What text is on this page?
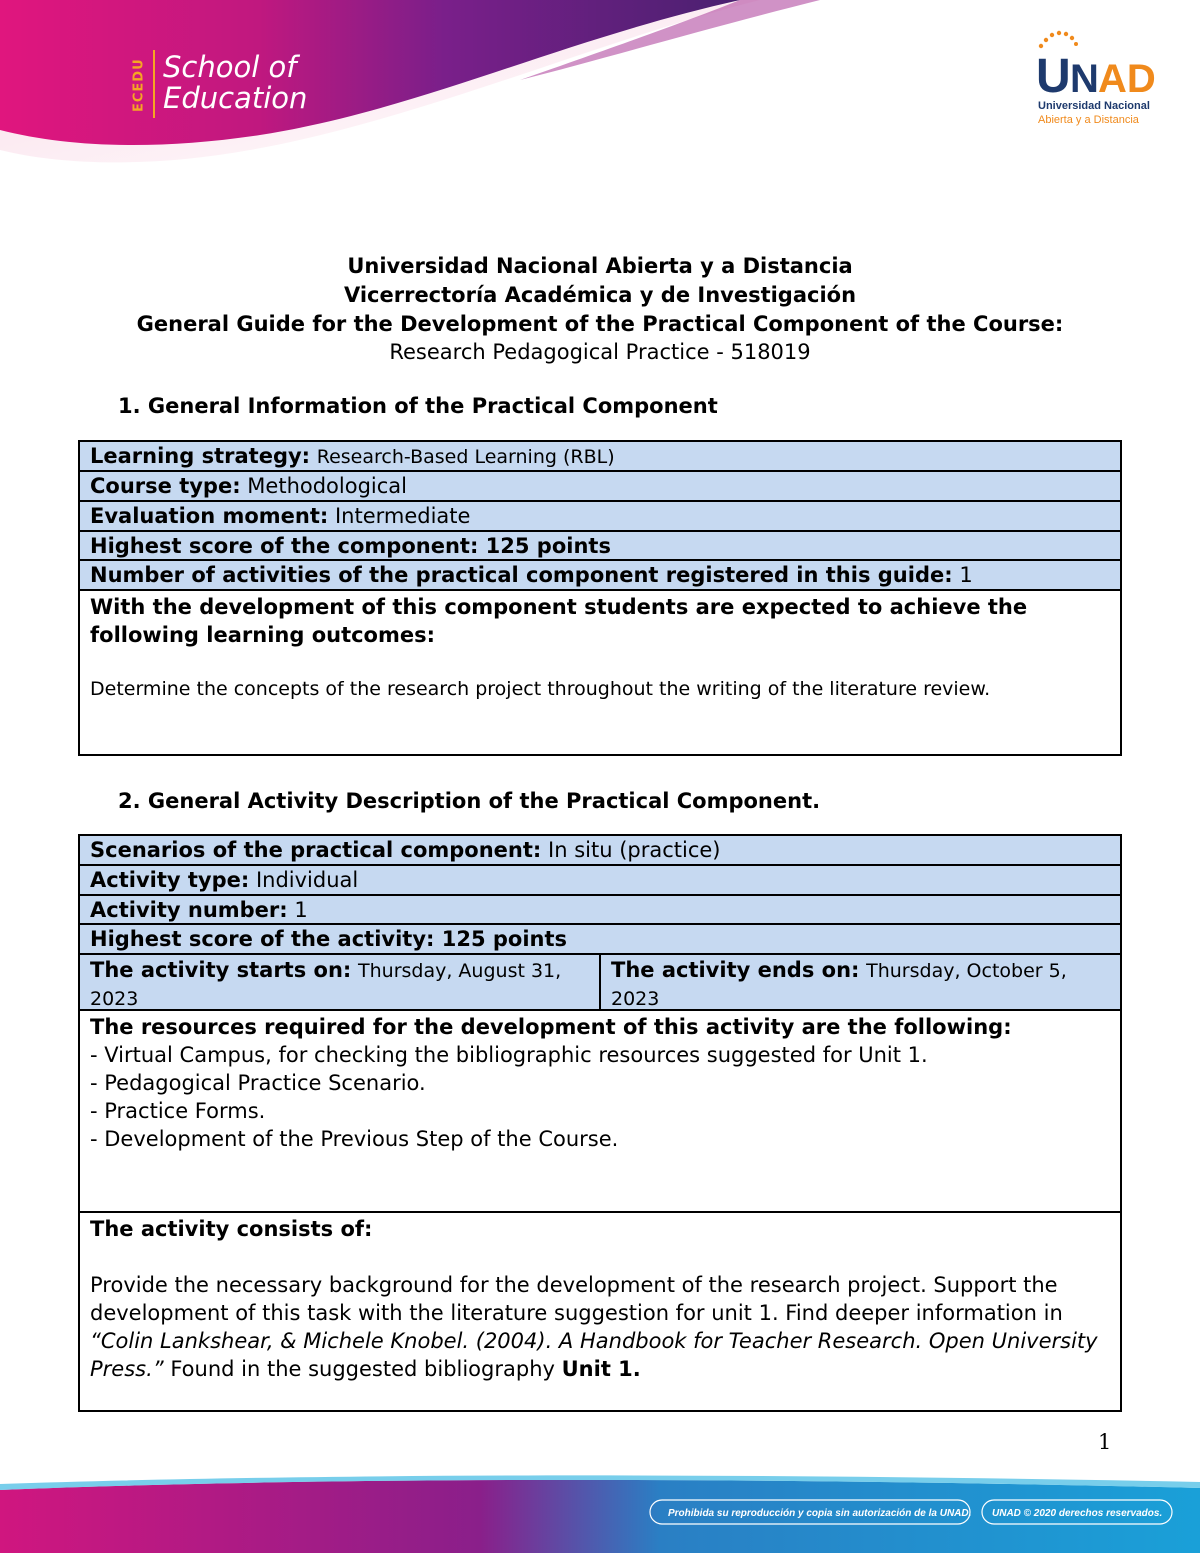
ECEDU School of
Education	U N AD
Universidad Nacional
Abierta y a Distancia
Universidad Nacional Abierta y a Distancia
Vicerrectoría Académica y de Investigación
General Guide for the Development of the Practical Component of the Course:
Research Pedagogical Practice - 518019
1. General Information of the Practical Component
Learning strategy: Research-Based Learning (RBL)
Course type: Methodological
Evaluation moment: Intermediate
Highest score of the component: 125 points
Number of activities of the practical component registered in this guide: 1
With the development of this component students are expected to achieve the following learning outcomes:
Determine the concepts of the research project throughout the writing of the literature review.
2. General Activity Description of the Practical Component.
Scenarios of the practical component: In situ (practice)
Activity type: Individual
Activity number: 1
Highest score of the activity: 125 points
The activity starts on: Thursday, August 31, 2023
The activity ends on: Thursday, October 5, 2023
The resources required for the development of this activity are the following:
- Virtual Campus, for checking the bibliographic resources suggested for Unit 1.
- Pedagogical Practice Scenario.
- Practice Forms.
- Development of the Previous Step of the Course.
The activity consists of:
Provide the necessary background for the development of the research project. Support the development of this task with the literature suggestion for unit 1. Find deeper information in “Colin Lankshear, & Michele Knobel. (2004). A Handbook for Teacher Research. Open University Press.” Found in the suggested bibliography Unit 1.
1
Prohibida su reproducción y copia sin autorización de la UNAD. UNAD © 2020 derechos reservados.
